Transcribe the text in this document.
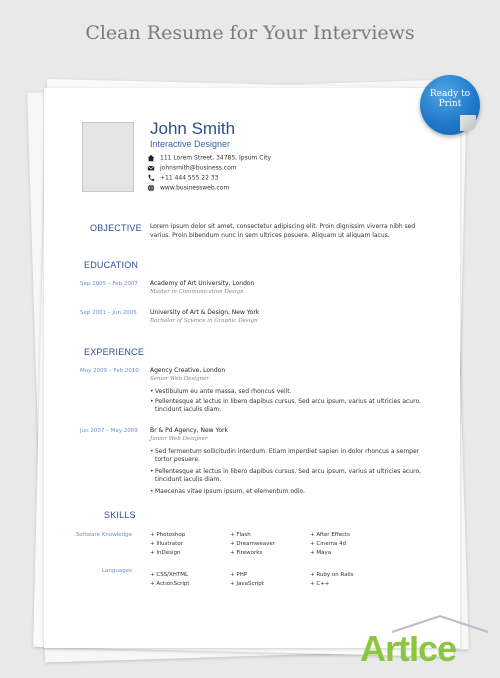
Clean Resume for Your Interviews
John Smith
Interactive Designer
111 Lorem Street, 34785, Ipsum City
johnsmith@business.com
+11 444 555 22 33
www.businessweb.com
OBJECTIVE Lorem ipsum dolor sit amet, consectetur adipiscing elit. Proin dignissim viverra nibh sed
varius. Proin bibendum nunc in sem ultrices posuere. Aliquam ut aliquam lacus.
EDUCATION
Sep 2005 – Feb 2007 Academy of Art University, London
Master in Communication Design
Sep 2001 – Jun 2005 University of Art & Design, New York
Bachelor of Science in Graphic Design
EXPERIENCE
May 2009 – Feb 2010 Agency Creative, London
Senior Web Designer
• Vestibulum eu ante massa, sed rhoncus velit.
• Pellentesque at lectus in libero dapibus cursus. Sed arcu ipsum, varius at ultricies acuro,
tincidunt iaculis diam.
Jun 2007 – May 2009 Br & Pd Agency, New York
Junior Web Designer
• Sed fermentum sollicitudin interdum. Etiam imperdiet sapien in dolor rhoncus a semper
tortor posuere.
• Pellentesque at lectus in libero dapibus cursus. Sed arcu ipsum, varius at ultricies acuro,
tincidunt iaculis diam.
• Maecenas vitae ipsum ipsum, et elementum odio.
SKILLS
Software Knowledge	+ Photoshop
+ Illustrator
+ InDesign
+ Flash
+ Dreamweaver
+ Fireworks
+ After Effects
+ Cinema 4d
+ Maya
Languages
+ CSS/XHTML
+ ActionScript
+ PHP
+ JavaScript
+ Ruby on Rails
+ C++
Ready to
Print
ArtIce
